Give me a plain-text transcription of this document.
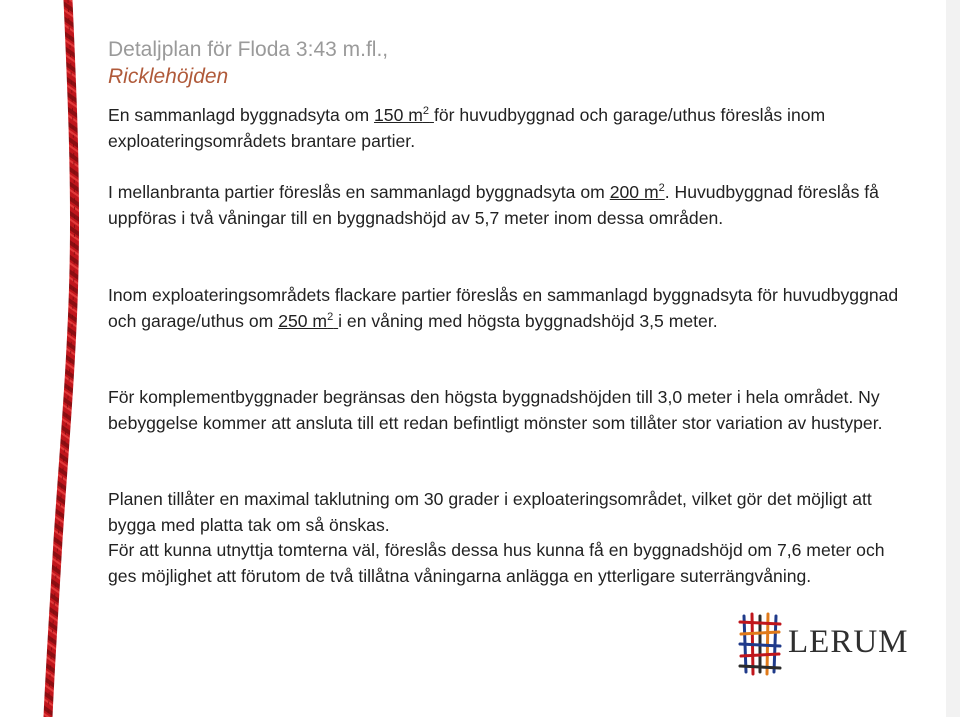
Detaljplan för Floda 3:43 m.fl.,
Ricklehöjden

En sammanlagd byggnadsyta om 150 $m^2$ för huvudbyggnad och garage/uthus föreslås inom exploateringsområdets brantare partier.

I mellanbranta partier föreslås en sammanlagd byggnadsyta om 200 $m^2$. Huvudbyggnad föreslås få uppföras i två våningar till en byggnadshöjd av 5,7 meter inom dessa områden.

Inom exploateringsområdets flackare partier föreslås en sammanlagd byggnadsyta för huvudbyggnad och garage/uthus om 250 $m^2$ i en våning med högsta byggnadshöjd 3,5 meter.

För komplementbyggnader begränsas den högsta byggnadshöjden till 3,0 meter i hela området. Ny bebyggelse kommer att ansluta till ett redan befintligt mönster som tillåter stor variation av hustyper.

Planen tillåter en maximal taklutning om 30 grader i exploateringsområdet, vilket gör det möjligt att bygga med platta tak om så önskas.

För att kunna utnyttja tomterna väl, föreslås dessa hus kunna få en byggnadshöjd om 7,6 meter och ges möjlighet att förutom de två tillåtna våningarna anlägga en ytterligare suterrängvåning.

LERUM
